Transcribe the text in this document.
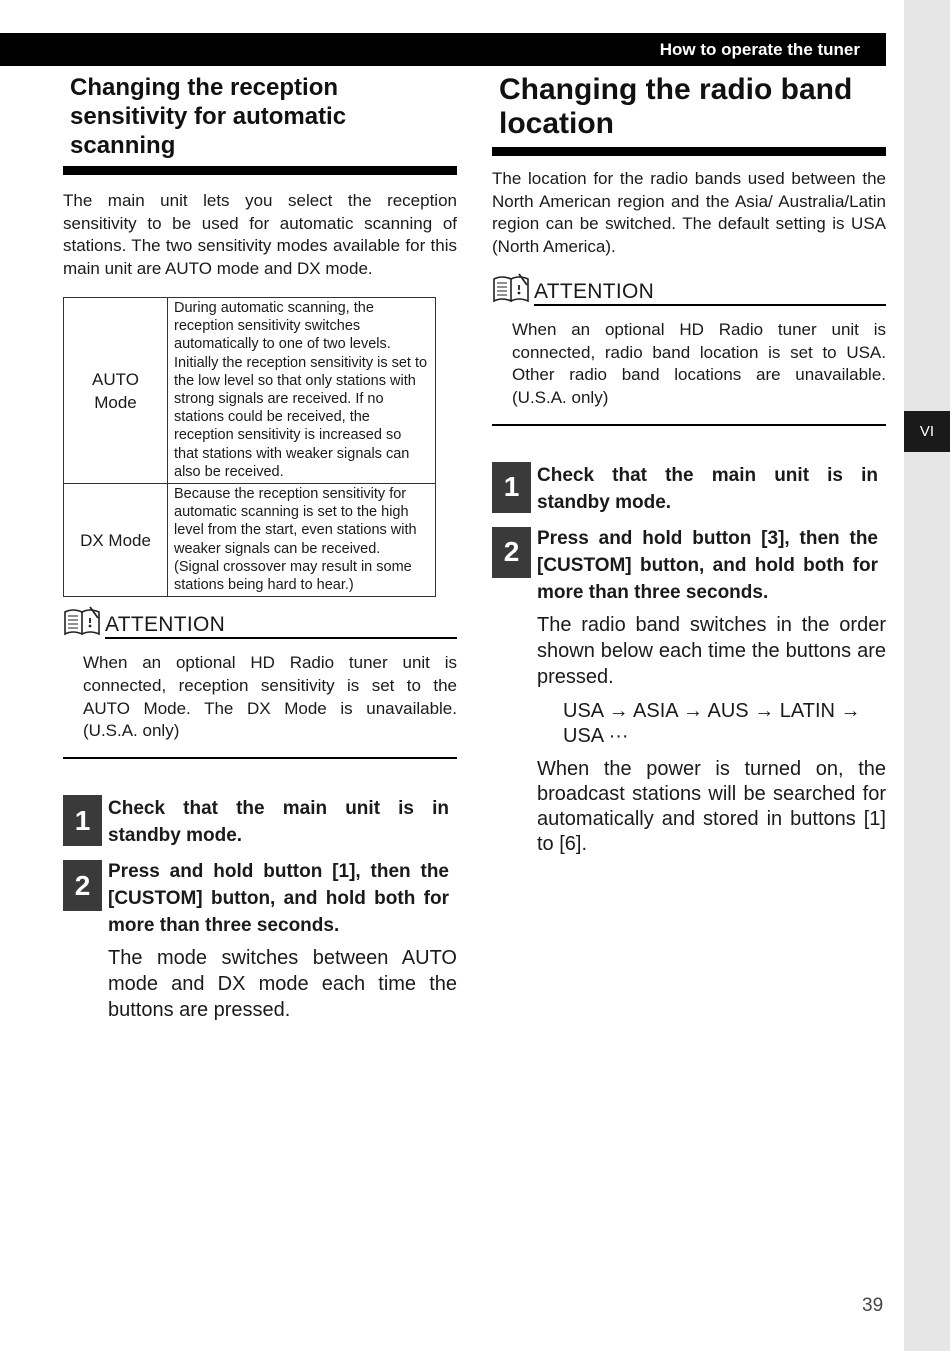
VI
How to operate the tuner
Changing the reception sensitivity for automatic scanning

The main unit lets you select the reception sensitivity to be used for automatic scanning of stations. The two sensitivity modes available for this main unit are AUTO mode and DX mode.

AUTO
Mode	During automatic scanning, the reception sensitivity switches automatically to one of two levels. Initially the reception sensitivity is set to the low level so that only stations with strong signals are received. If no stations could be received, the reception sensitivity is increased so that stations with weaker signals can also be received.

DX Mode	Because the reception sensitivity for automatic scanning is set to the high level from the start, even stations with weaker signals can be received. (Signal crossover may result in some stations being hard to hear.)
ATTENTION

When an optional HD Radio tuner unit is connected, reception sensitivity is set to the AUTO Mode. The DX Mode is unavailable. (U.S.A. only)

1 Check that the main unit is in standby mode.

2 Press and hold button [1], then the [CUSTOM] button, and hold both for more than three seconds.

The mode switches between AUTO mode and DX mode each time the buttons are pressed.

Changing the radio band location

The location for the radio bands used between the North American region and the Asia/ Australia/Latin region can be switched. The default setting is USA (North America).

ATTENTION

When an optional HD Radio tuner unit is connected, radio band location is set to USA. Other radio band locations are unavailable. (U.S.A. only)

1 Check that the main unit is in standby mode.

2 Press and hold button [3], then the [CUSTOM] button, and hold both for more than three seconds.

The radio band switches in the order shown below each time the buttons are pressed.

USA → ASIA → AUS → LATIN →

USA ···

When the power is turned on, the broadcast stations will be searched for automatically and stored in buttons [1] to [6].

39
